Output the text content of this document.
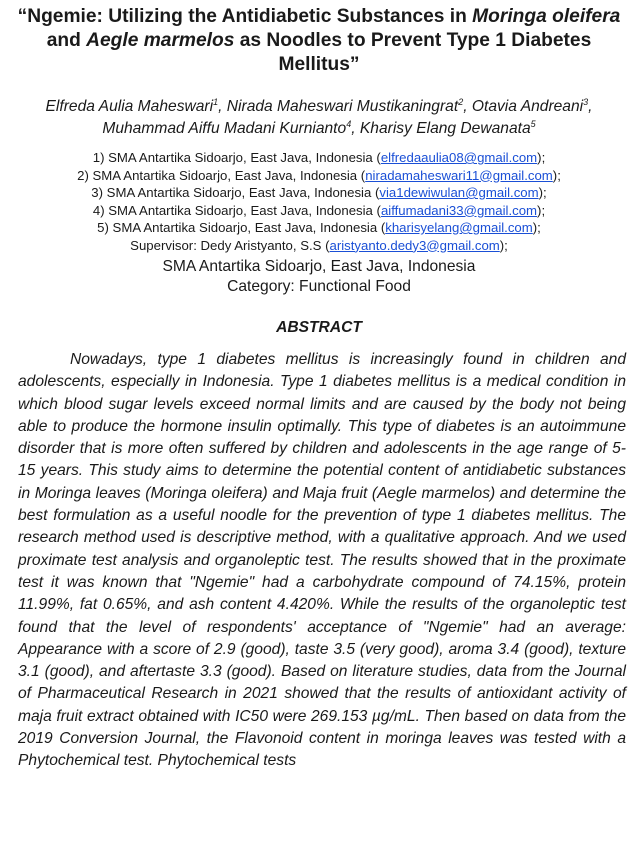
“Ngemie: Utilizing the Antidiabetic Substances in Moringa oleifera and Aegle marmelos as Noodles to Prevent Type 1 Diabetes Mellitus”

Elfreda Aulia Maheswari$^1$, Nirada Maheswari Mustikaningrat$^2$, Otavia Andreani$^3$, Muhammad Aiffu Madani Kurnianto$^4$, Kharisy Elang Dewanata$^5$

1) SMA Antartika Sidoarjo, East Java, Indonesia (elfredaaulia08@gmail.com);
2) SMA Antartika Sidoarjo, East Java, Indonesia (niradamaheswari11@gmail.com);
3) SMA Antartika Sidoarjo, East Java, Indonesia (via1dewiwulan@gmail.com);
4) SMA Antartika Sidoarjo, East Java, Indonesia (aiffumadani33@gmail.com);
5) SMA Antartika Sidoarjo, East Java, Indonesia (kharisyelang@gmail.com);
Supervisor: Dedy Aristyanto, S.S (aristyanto.dedy3@gmail.com);

SMA Antartika Sidoarjo, East Java, Indonesia

Category: Functional Food

ABSTRACT

Nowadays, type 1 diabetes mellitus is increasingly found in children and adolescents, especially in Indonesia. Type 1 diabetes mellitus is a medical condition in which blood sugar levels exceed normal limits and are caused by the body not being able to produce the hormone insulin optimally. This type of diabetes is an autoimmune disorder that is more often suffered by children and adolescents in the age range of 5-15 years. This study aims to determine the potential content of antidiabetic substances in Moringa leaves (Moringa oleifera) and Maja fruit (Aegle marmelos) and determine the best formulation as a useful noodle for the prevention of type 1 diabetes mellitus. The research method used is descriptive method, with a qualitative approach. And we used proximate test analysis and organoleptic test. The results showed that in the proximate test it was known that "Ngemie" had a carbohydrate compound of 74.15%, protein 11.99%, fat 0.65%, and ash content 4.420%. While the results of the organoleptic test found that the level of respondents' acceptance of "Ngemie" had an average: Appearance with a score of 2.9 (good), taste 3.5 (very good), aroma 3.4 (good), texture 3.1 (good), and aftertaste 3.3 (good). Based on literature studies, data from the Journal of Pharmaceutical Research in 2021 showed that the results of antioxidant activity of maja fruit extract obtained with IC50 were 269.153 µg/mL. Then based on data from the 2019 Conversion Journal, the Flavonoid content in moringa leaves was tested with a Phytochemical test. Phytochemical tests
